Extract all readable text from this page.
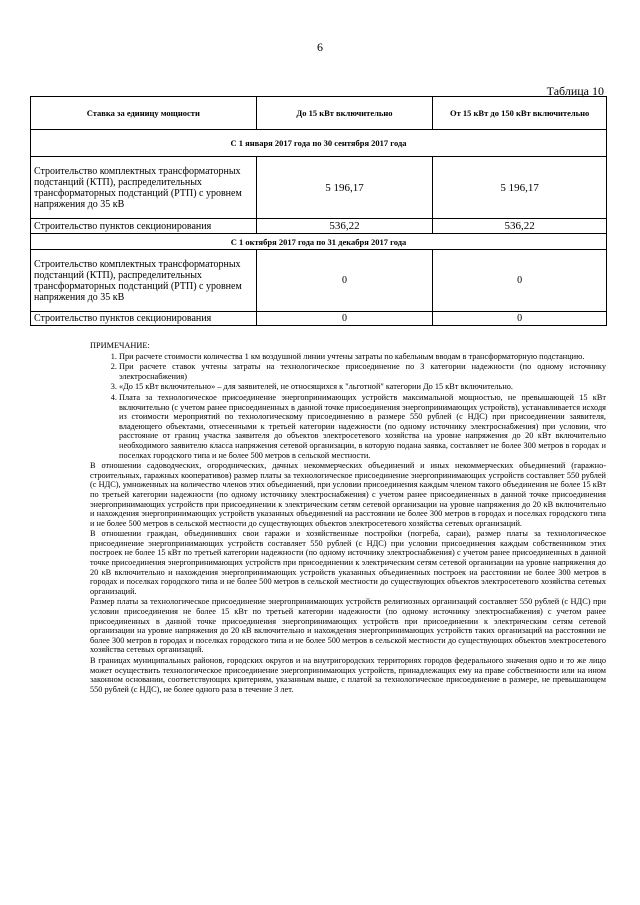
6
Таблица 10
Ставка за единицу мощности	До 15 кВт включительно	От 15 кВт до 150 кВт включительно
С 1 января 2017 года по 30 сентября 2017 года		
Строительство комплектных трансформаторных подстанций (КТП), распределительных трансформаторных подстанций (РТП) с уровнем напряжения до 35 кВ	5 196,17	5 196,17
Строительство пунктов секционирования	536,22	536,22
С 1 октября 2017 года по 31 декабря 2017 года		
Строительство комплектных трансформаторных подстанций (КТП), распределительных трансформаторных подстанций (РТП) с уровнем напряжения до 35 кВ	0	0
Строительство пунктов секционирования	0	0
ПРИМЕЧАНИЕ:
1. При расчете стоимости количества 1 км воздушной линии учтены затраты по кабельным вводам в трансформаторную подстанцию.
2. При расчете ставок учтены затраты на технологическое присоединение по 3 категории надежности (по одному источнику электроснабжения)
3. «До 15 кВт включительно» – для заявителей, не относящихся к "льготной" категории До 15 кВт включительно.
4. Плата за технологическое присоединение энергопринимающих устройств максимальной мощностью, не превышающей 15 кВт включительно (с учетом ранее присоединенных в данной точке присоединения энергопринимающих устройств), устанавливается исходя из стоимости мероприятий по технологическому присоединению в размере 550 рублей (с НДС) при присоединении заявителя, владеющего объектами, отнесенными к третьей категории надежности (по одному источнику электроснабжения) при условии, что расстояние от границ участка заявителя до объектов электросетевого хозяйства на уровне напряжения до 20 кВт включительно необходимого заявителю класса напряжения сетевой организации, в которую подана заявка, составляет не более 300 метров в городах и поселках городского типа и не более 500 метров в сельской местности.

В отношении садоводческих, огороднических, дачных некоммерческих объединений и иных некоммерческих объединений (гаражно-строительных, гаражных кооперативов) размер платы за технологическое присоединение энергопринимающих устройств составляет 550 рублей (с НДС), умноженных на количество членов этих объединений, при условии присоединения каждым членом такого объединения не более 15 кВт по третьей категории надежности (по одному источнику электроснабжения) с учетом ранее присоединенных в данной точке присоединения энергопринимающих устройств при присоединении к электрическим сетям сетевой организации на уровне напряжения до 20 кВ включительно и нахождения энергопринимающих устройств указанных объединений на расстоянии не более 300 метров в городах и поселках городского типа и не более 500 метров в сельской местности до существующих объектов электросетевого хозяйства сетевых организаций.

В отношении граждан, объединивших свои гаражи и хозяйственные постройки (погреба, сараи), размер платы за технологическое присоединение энергопринимающих устройств составляет 550 рублей (с НДС) при условии присоединения каждым собственником этих построек не более 15 кВт по третьей категории надежности (по одному источнику электроснабжения) с учетом ранее присоединенных в данной точке присоединения энергопринимающих устройств при присоединении к электрическим сетям сетевой организации на уровне напряжения до 20 кВ включительно и нахождения энергопринимающих устройств указанных объединенных построек на расстоянии не более 300 метров в городах и поселках городского типа и не более 500 метров в сельской местности до существующих объектов электросетевого хозяйства сетевых организаций.

Размер платы за технологическое присоединение энергопринимающих устройств религиозных организаций составляет 550 рублей (с НДС) при условии присоединения не более 15 кВт по третьей категории надежности (по одному источнику электроснабжения) с учетом ранее присоединенных в данной точке присоединения энергопринимающих устройств при присоединении к электрическим сетям сетевой организации на уровне напряжения до 20 кВ включительно и нахождения энергопринимающих устройств таких организаций на расстоянии не более 300 метров в городах и поселках городского типа и не более 500 метров в сельской местности до существующих объектов электросетевого хозяйства сетевых организаций.

В границах муниципальных районов, городских округов и на внутригородских территориях городов федерального значения одно и то же лицо может осуществить технологическое присоединение энергопринимающих устройств, принадлежащих ему на праве собственности или на ином законном основании, соответствующих критериям, указанным выше, с платой за технологическое присоединение в размере, не превышающем 550 рублей (с НДС), не более одного раза в течение 3 лет.
